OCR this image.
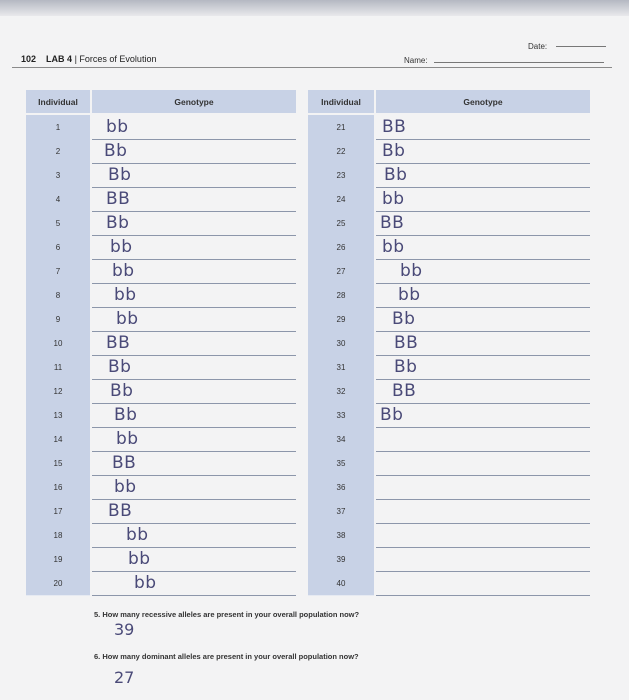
102 LAB 4 | Forces of Evolution
Date:
Name:
Individual	Genotype
1	bb
2	Bb
3	Bb
4	BB
5	Bb
6	bb
7	bb
8	bb
9	bb
10	BB
11	Bb
12	Bb
13	Bb
14	bb
15	BB
16	bb
17	BB
18	bb
19	bb
20	bb
Individual	Genotype
21	BB
22	Bb
23	Bb
24	bb
25	BB
26	bb
27	bb
28	bb
29	Bb
30	BB
31	Bb
32	BB
33	Bb
34
35
36
37
38
39
40
5. How many recessive alleles are present in your overall population now?
39
6. How many dominant alleles are present in your overall population now?
27
